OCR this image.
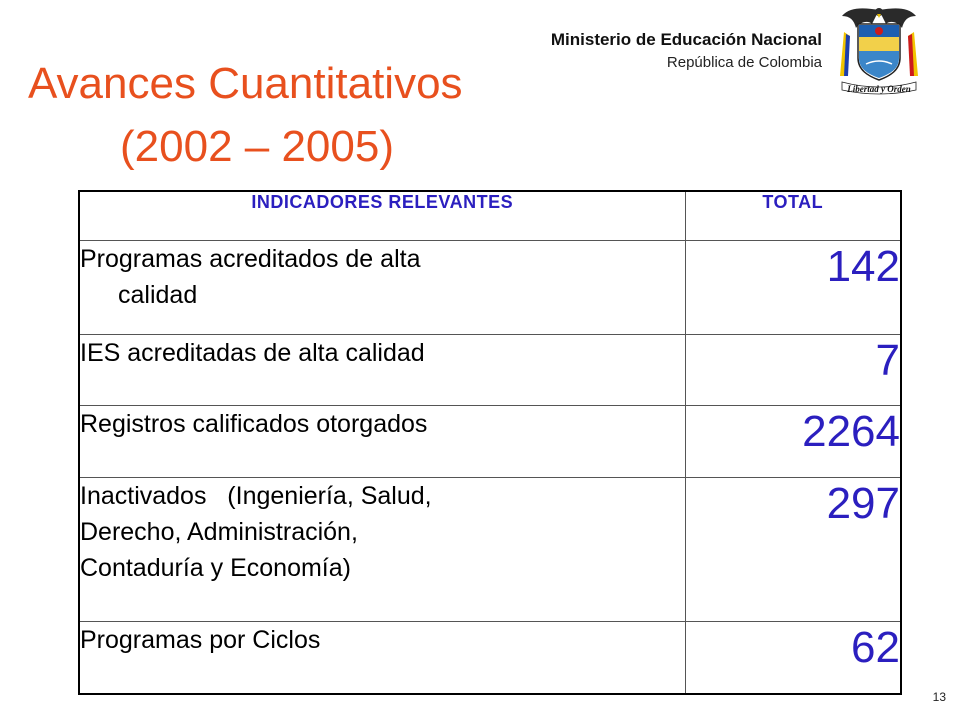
Ministerio de Educación Nacional
República de Colombia
Libertad y Orden
Avances Cuantitativos
(2002 – 2005)
INDICADORES RELEVANTES	TOTAL
Programas acreditados de alta
calidad	142
IES acreditadas de alta calidad	7
Registros calificados otorgados	2264
Inactivados   (Ingeniería, Salud,
Derecho, Administración,
Contaduría y Economía)	297
Programas por Ciclos	62
13
